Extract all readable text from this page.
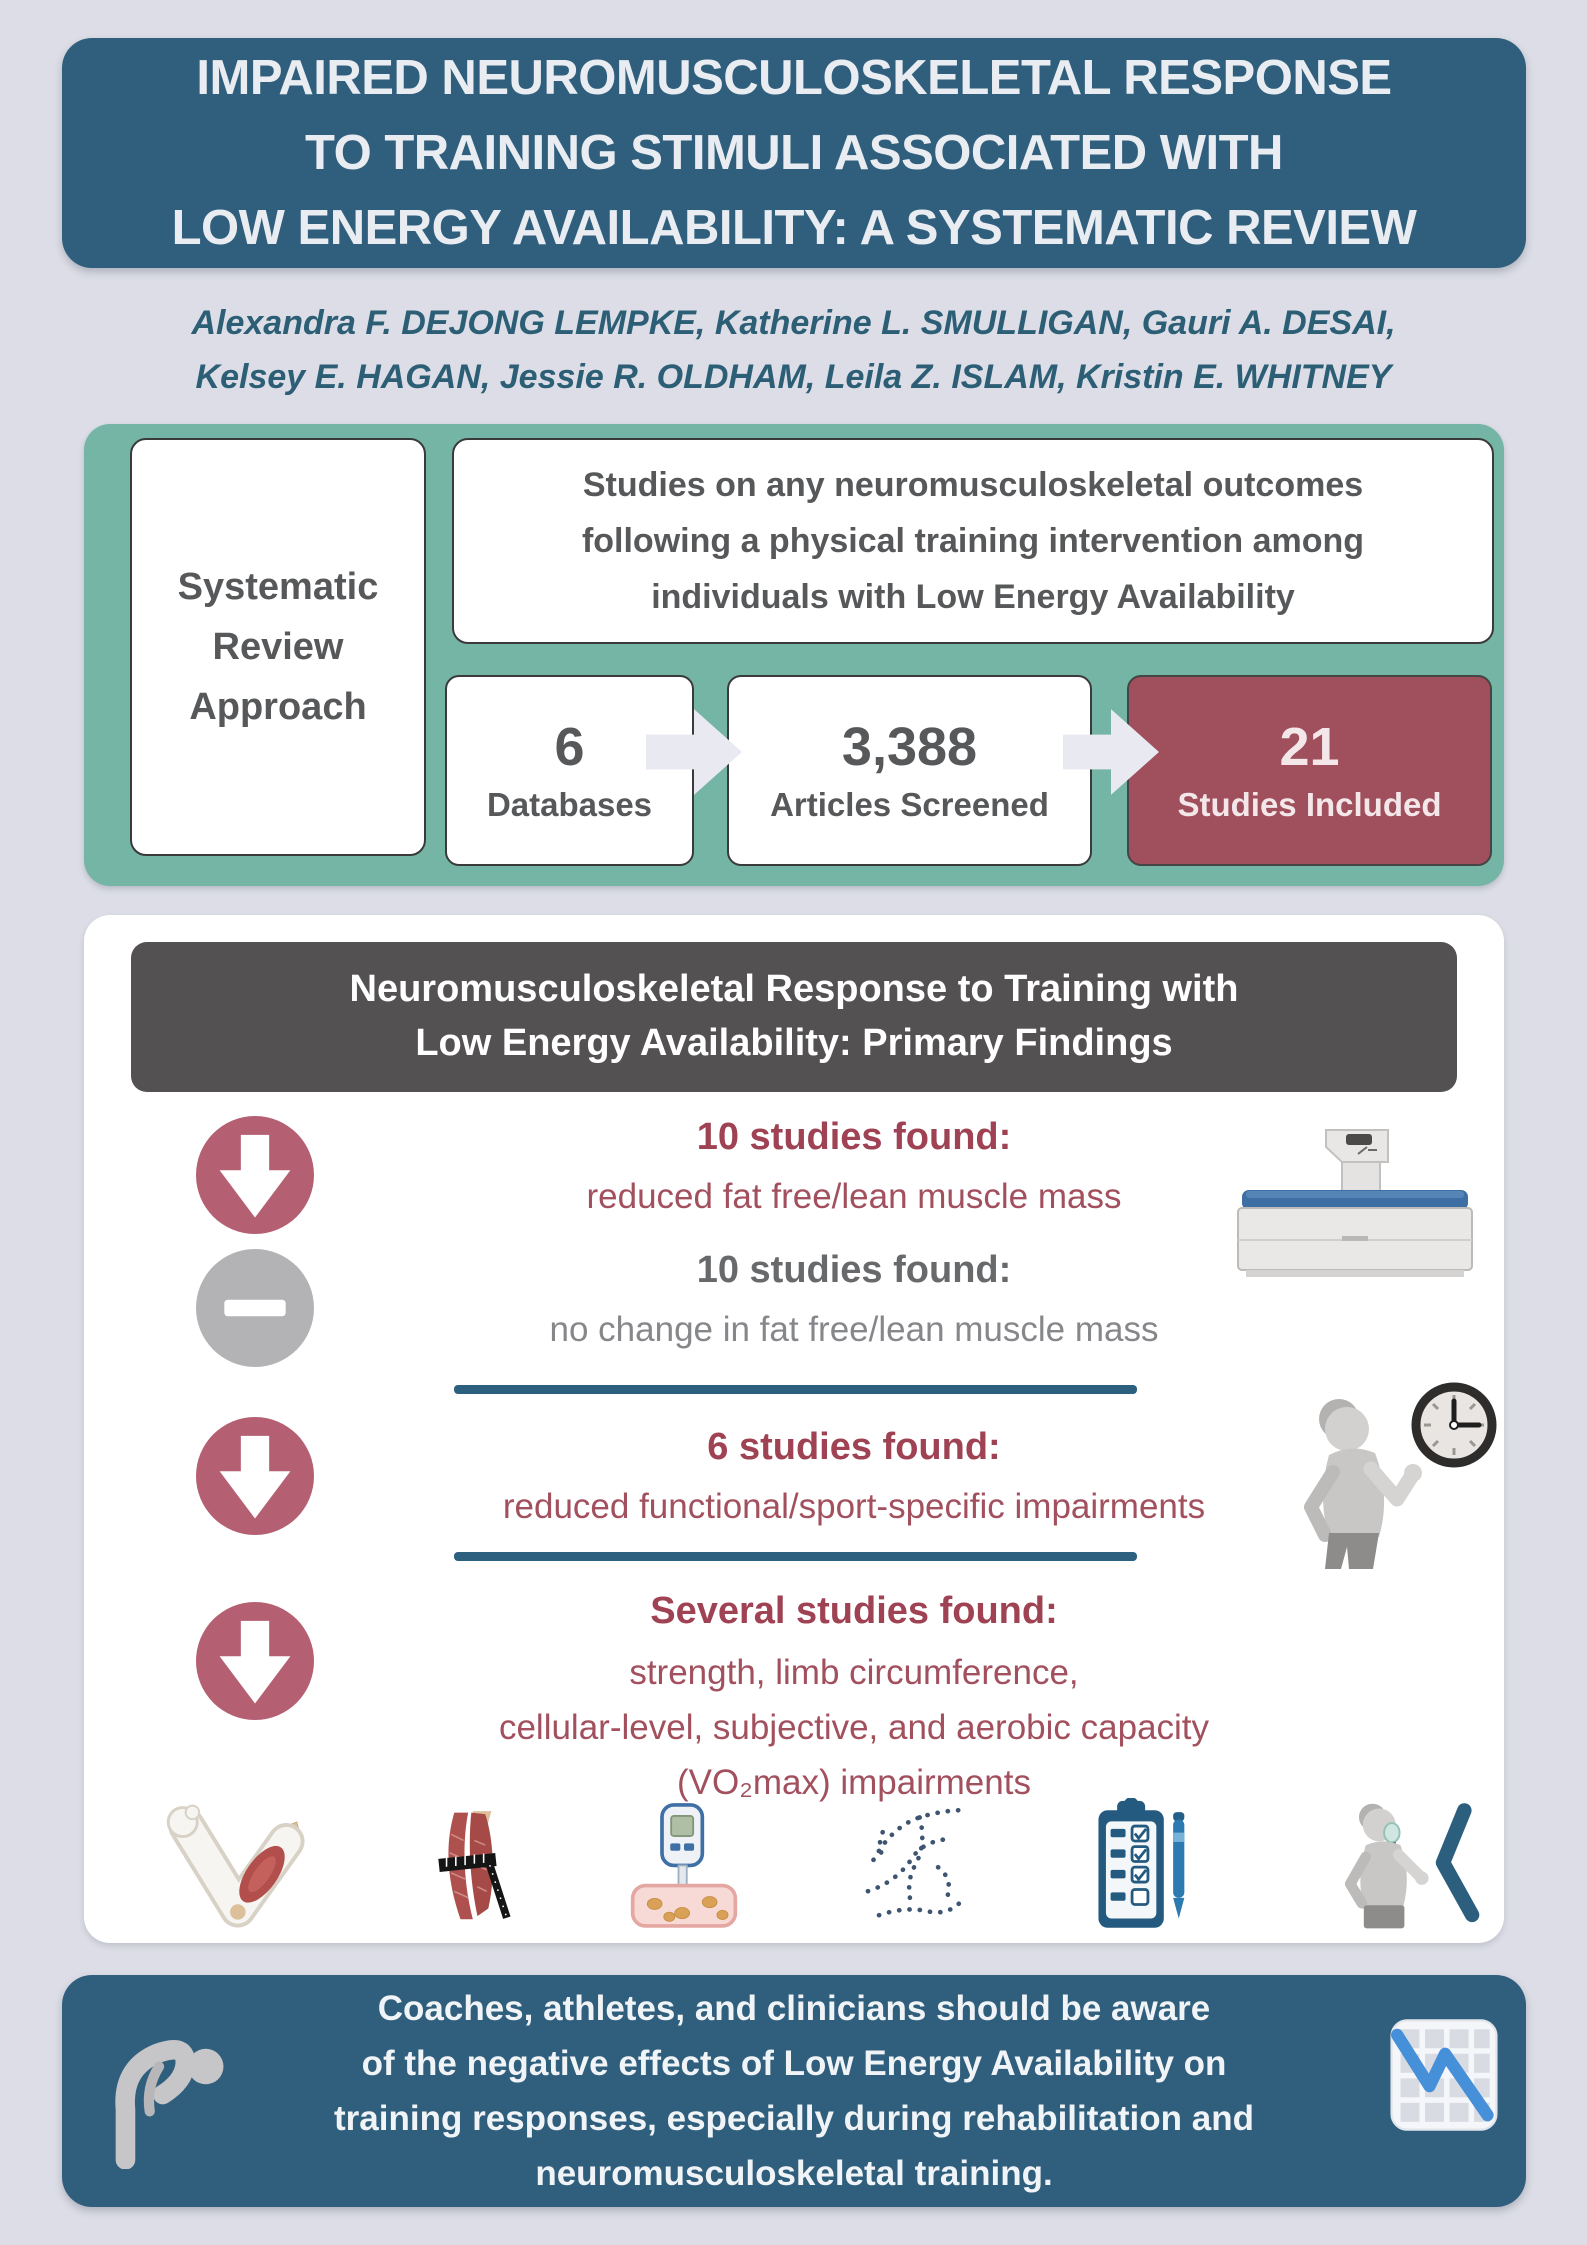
IMPAIRED NEUROMUSCULOSKELETAL RESPONSE
TO TRAINING STIMULI ASSOCIATED WITH
LOW ENERGY AVAILABILITY: A SYSTEMATIC REVIEW
Alexandra F. DEJONG LEMPKE, Katherine L. SMULLIGAN, Gauri A. DESAI,
Kelsey E. HAGAN, Jessie R. OLDHAM, Leila Z. ISLAM, Kristin E. WHITNEY
Systematic Review Approach
Studies on any neuromusculoskeletal outcomes
following a physical training intervention among
individuals with Low Energy Availability
6
Databases
3,388
Articles Screened
21
Studies Included
Neuromusculoskeletal Response to Training with
Low Energy Availability: Primary Findings
10 studies found:
reduced fat free/lean muscle mass
10 studies found:
no change in fat free/lean muscle mass
6 studies found:
reduced functional/sport-specific impairments
Several studies found:
strength, limb circumference,
cellular-level, subjective, and aerobic capacity
(VO₂max) impairments
Coaches, athletes, and clinicians should be aware
of the negative effects of Low Energy Availability on
training responses, especially during rehabilitation and
neuromusculoskeletal training.
